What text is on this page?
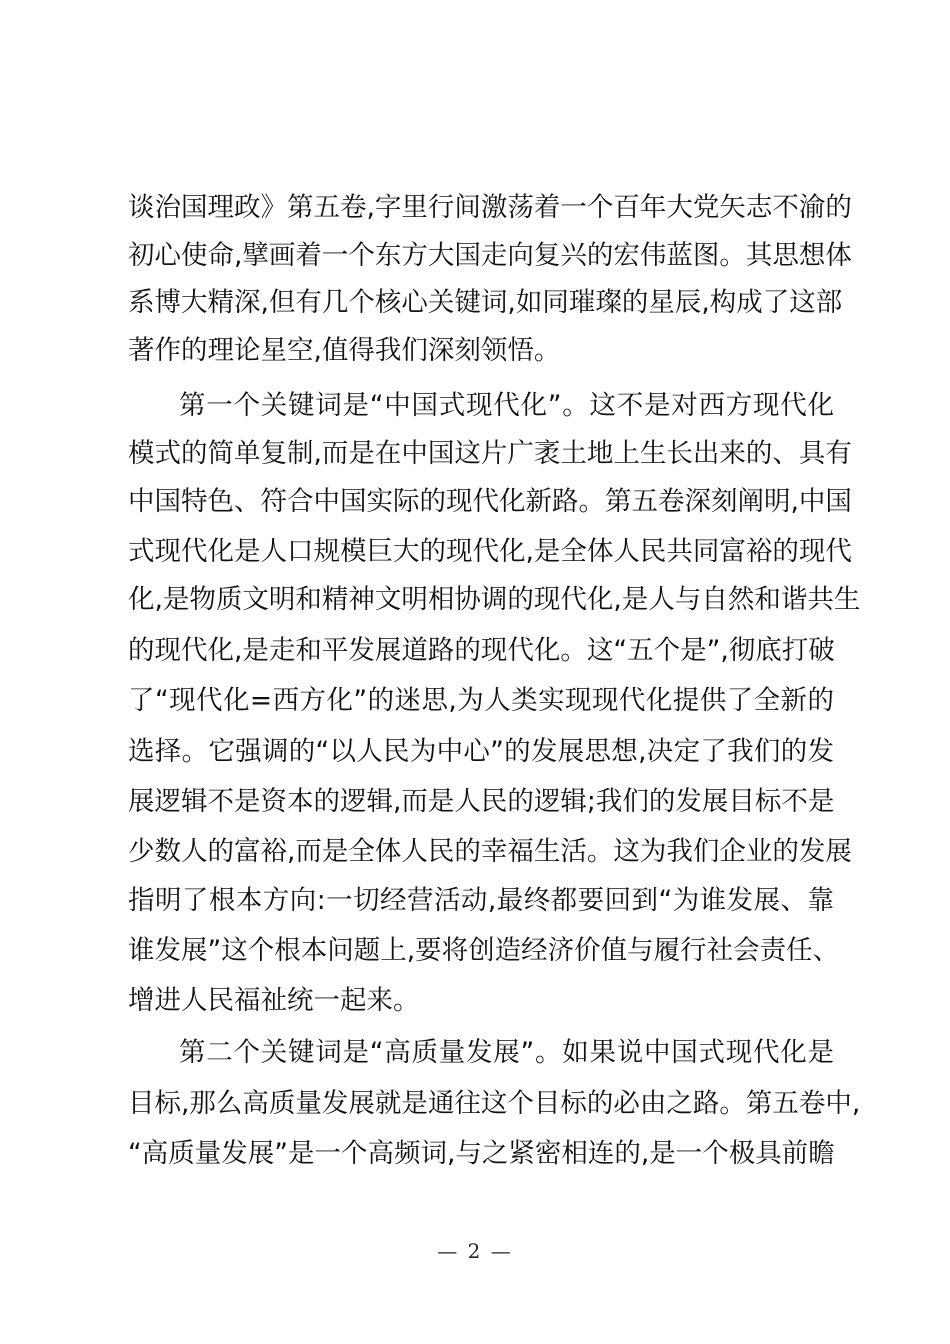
谈治国理政》第五卷,字里行间激荡着一个百年大党矢志不渝的
初心使命,擘画着一个东方大国走向复兴的宏伟蓝图。其思想体
系博大精深,但有几个核心关键词,如同璀璨的星辰,构成了这部
著作的理论星空,值得我们深刻领悟。
第一个关键词是“中国式现代化”。这不是对西方现代化
模式的简单复制,而是在中国这片广袤土地上生长出来的、具有
中国特色、符合中国实际的现代化新路。第五卷深刻阐明,中国
式现代化是人口规模巨大的现代化,是全体人民共同富裕的现代
化,是物质文明和精神文明相协调的现代化,是人与自然和谐共生
的现代化,是走和平发展道路的现代化。这“五个是”,彻底打破
了“现代化=西方化”的迷思,为人类实现现代化提供了全新的
选择。它强调的“以人民为中心”的发展思想,决定了我们的发
展逻辑不是资本的逻辑,而是人民的逻辑;我们的发展目标不是
少数人的富裕,而是全体人民的幸福生活。这为我们企业的发展
指明了根本方向:一切经营活动,最终都要回到“为谁发展、靠
谁发展”这个根本问题上,要将创造经济价值与履行社会责任、
增进人民福祉统一起来。
第二个关键词是“高质量发展”。如果说中国式现代化是
目标,那么高质量发展就是通往这个目标的必由之路。第五卷中,
“高质量发展”是一个高频词,与之紧密相连的,是一个极具前瞻
— 2 —
